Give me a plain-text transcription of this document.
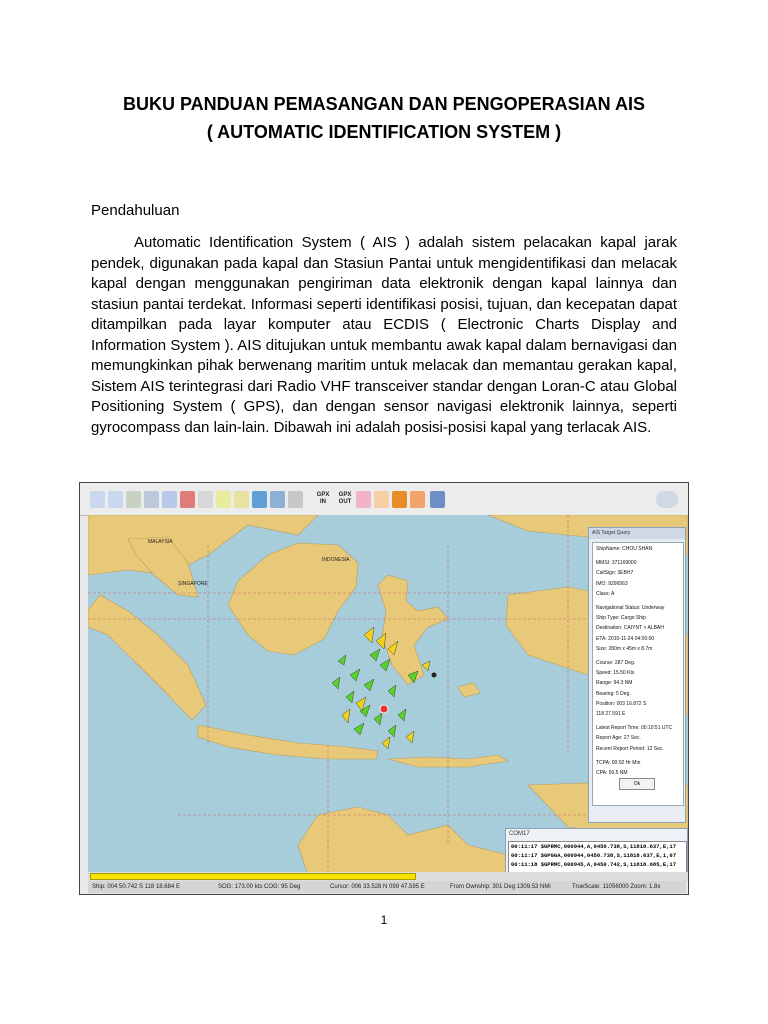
BUKU PANDUAN PEMASANGAN DAN PENGOPERASIAN AIS
( AUTOMATIC IDENTIFICATION SYSTEM )
Pendahuluan
Automatic Identification System ( AIS ) adalah sistem pelacakan kapal jarak pendek, digunakan pada kapal dan Stasiun Pantai untuk mengidentifikasi dan melacak kapal dengan menggunakan pengiriman data elektronik dengan kapal lainnya dan stasiun pantai terdekat. Informasi seperti identifikasi posisi, tujuan, dan kecepatan dapat ditampilkan pada layar komputer atau ECDIS ( Electronic Charts Display and Information System ). AIS ditujukan untuk membantu awak kapal dalam bernavigasi dan memungkinkan pihak berwenang maritim untuk melacak dan memantau gerakan kapal, Sistem AIS terintegrasi dari Radio VHF transceiver standar dengan Loran-C atau Global Positioning System ( GPS), dan dengan sensor navigasi elektronik lainnya, seperti gyrocompass dan lain-lain. Dibawah ini adalah posisi-posisi kapal yang terlacak AIS.
GPX IN
GPX OUT
MALAYSIA
SINGAPORE
INDONESIA
AIS Target Query
ShipName: CHOU SHAN
MMSI: 371169000
CallSign: 3EBH7
IMO: 9296563
Class: A
Navigational Status: Underway
Ship Type: Cargo Ship
Destination: CAIYNT > ALBAH
ETA: 2010-11-24 04:00:00
Size: 280m x 45m x 8.7m
Course: 287 Deg.
Speed: 15.50 Kts
Range: 94.3 NM
Bearing: 5 Deg.
Position: 003 16.872 S
118 27.591 E
Latest Report Time: 00:10:51 UTC
Report Age: 27 Sec.
Recent Report Period: 12 Sec.
TCPA: 00:02 Hr Min
CPA: 50.5 NM
Ok
COM17
00:11:17 $GPRMC,000944,A,0450.738,S,11818.637,E,17
00:11:17 $GPGGA,000944,0450.738,S,11818.637,E,1,07
00:11:18 $GPRMC,000945,A,0450.742,S,11818.685,E,17
Ship: 004 50.742 S 118 18.684 E	SOG: 173.00 kts COG: 95 Deg	Cursor: 006 33.528 N 099 47.595 E	From Ownship: 301 Deg 1309.53 NMi	TrueScale: 11056000 Zoom: 1.8x
1
